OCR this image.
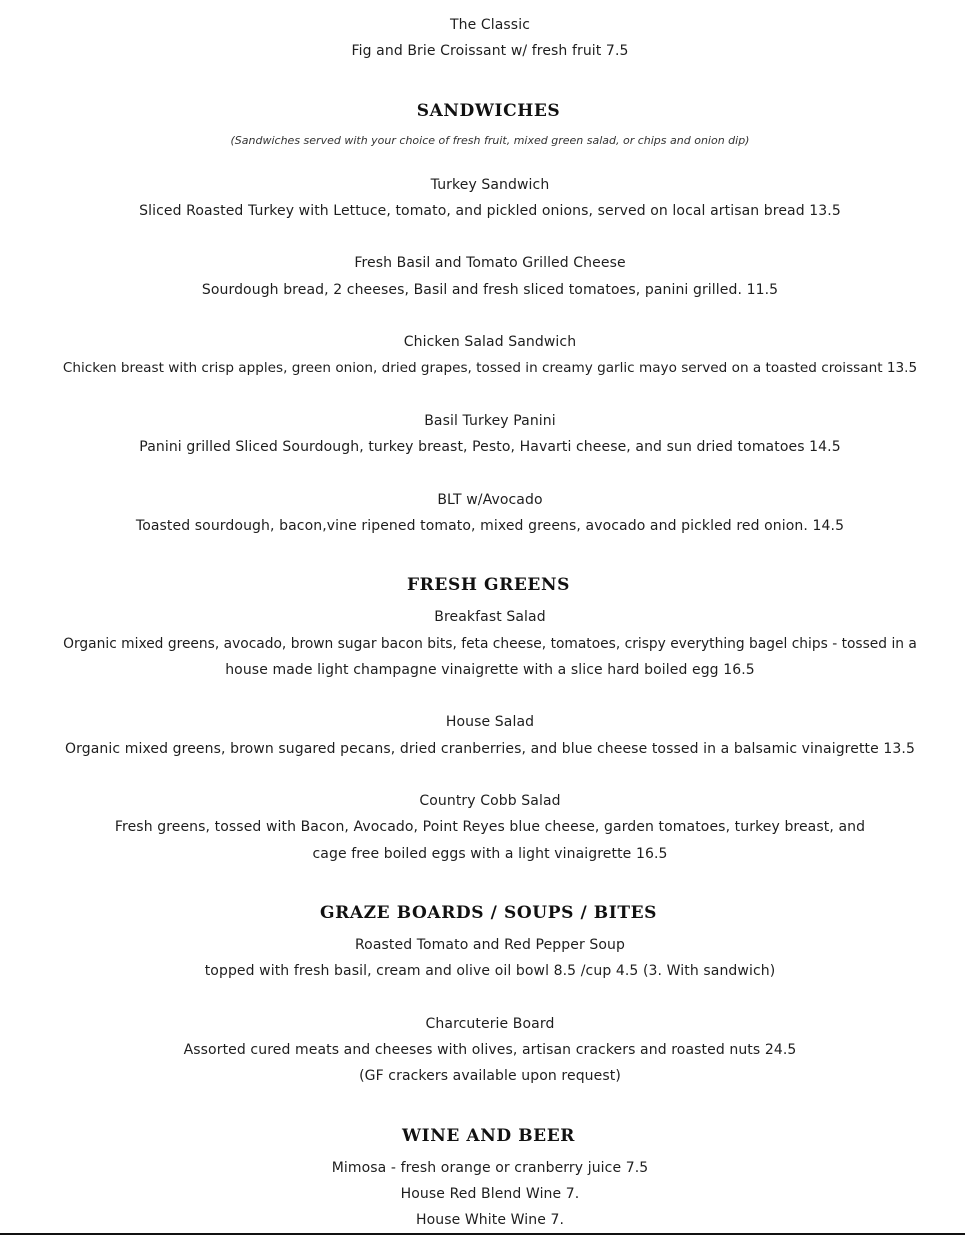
The Classic
Fig and Brie Croissant w/ fresh fruit 7.5
SANDWICHES
(Sandwiches served with your choice of fresh fruit, mixed green salad, or chips and onion dip)
Turkey Sandwich
Sliced Roasted Turkey with Lettuce, tomato, and pickled onions, served on local artisan bread 13.5
Fresh Basil and Tomato Grilled Cheese
Sourdough bread, 2 cheeses, Basil and fresh sliced tomatoes, panini grilled. 11.5
Chicken Salad Sandwich
Chicken breast with crisp apples, green onion, dried grapes, tossed in creamy garlic mayo served on a toasted croissant 13.5
Basil Turkey Panini
Panini grilled Sliced Sourdough, turkey breast, Pesto, Havarti cheese, and sun dried tomatoes 14.5
BLT w/Avocado
Toasted sourdough, bacon,vine ripened tomato, mixed greens, avocado and pickled red onion. 14.5
FRESH GREENS
Breakfast Salad
Organic mixed greens, avocado, brown sugar bacon bits, feta cheese, tomatoes, crispy everything bagel chips - tossed in a
house made light champagne vinaigrette with a slice hard boiled egg 16.5
House Salad
Organic mixed greens, brown sugared pecans, dried cranberries, and blue cheese tossed in a balsamic vinaigrette 13.5
Country Cobb Salad
Fresh greens, tossed with Bacon, Avocado, Point Reyes blue cheese, garden tomatoes, turkey breast, and
cage free boiled eggs with a light vinaigrette 16.5
GRAZE BOARDS / SOUPS / BITES
Roasted Tomato and Red Pepper Soup
topped with fresh basil, cream and olive oil bowl 8.5 /cup 4.5 (3. With sandwich)
Charcuterie Board
Assorted cured meats and cheeses with olives, artisan crackers and roasted nuts 24.5
(GF crackers available upon request)
WINE AND BEER
Mimosa - fresh orange or cranberry juice 7.5
House Red Blend Wine 7.
House White Wine 7.
